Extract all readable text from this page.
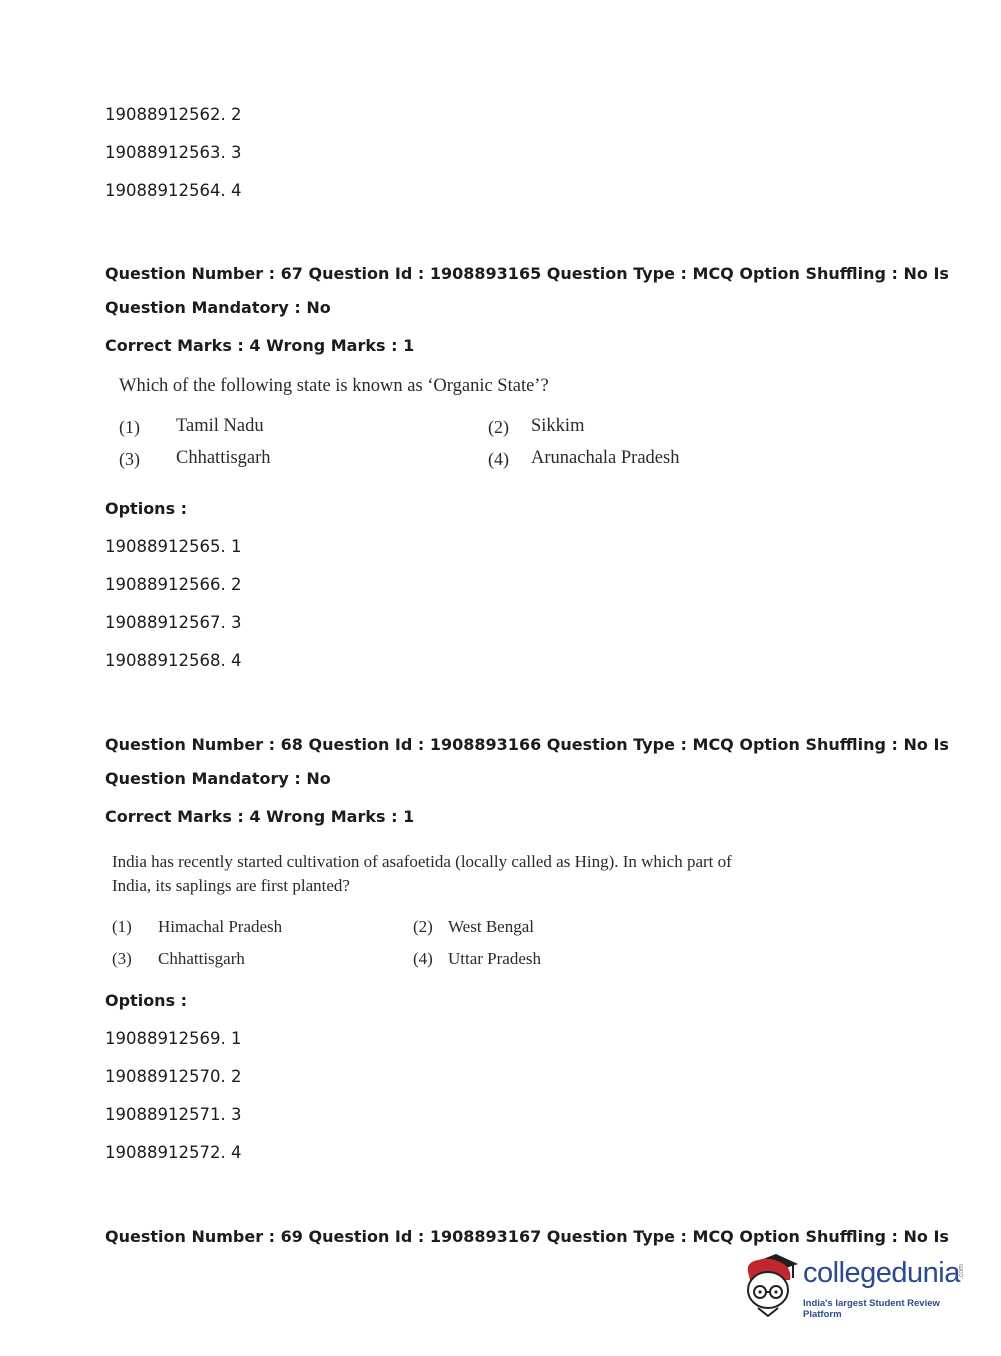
19088912562. 2
19088912563. 3
19088912564. 4
Question Number : 67 Question Id : 1908893165 Question Type : MCQ Option Shuffling : No Is
Question Mandatory : No
Correct Marks : 4 Wrong Marks : 1
Which of the following state is known as ‘Organic State’?
(1) Tamil Nadu	(2) Sikkim
(3) Chhattisgarh	(4) Arunachala Pradesh
Options :
19088912565. 1
19088912566. 2
19088912567. 3
19088912568. 4
Question Number : 68 Question Id : 1908893166 Question Type : MCQ Option Shuffling : No Is
Question Mandatory : No
Correct Marks : 4 Wrong Marks : 1
India has recently started cultivation of asafoetida (locally called as Hing). In which part of
India, its saplings are first planted?
(1) Himachal Pradesh	(2) West Bengal
(3) Chhattisgarh	(4) Uttar Pradesh
Options :
19088912569. 1
19088912570. 2
19088912571. 3
19088912572. 4
Question Number : 69 Question Id : 1908893167 Question Type : MCQ Option Shuffling : No Is
collegedunia
.com
India's largest Student Review Platform
